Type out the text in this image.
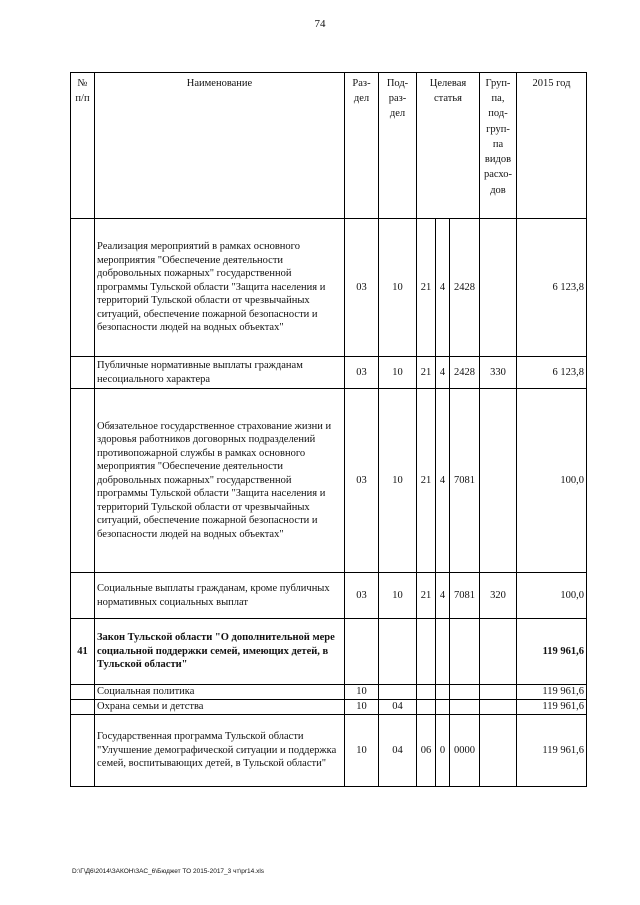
74
№ п/п	Наименование	Раз- дел	Под- раз- дел	Целевая статья			Груп- па, под- груп- па видов расхо- дов	2015 год
	Реализация мероприятий в рамках основного мероприятия "Обеспечение деятельности добровольных пожарных" государственной программы Тульской области "Защита населения и территорий Тульской области от чрезвычайных ситуаций, обеспечение пожарной безопасности и безопасности людей на водных объектах"	03	10	21	4	2428		6 123,8
	Публичные нормативные выплаты гражданам несоциального характера	03	10	21	4	2428	330	6 123,8
	Обязательное государственное страхование жизни и здоровья работников договорных подразделений противопожарной службы в рамках основного мероприятия "Обеспечение деятельности добровольных пожарных" государственной программы Тульской области "Защита населения и территорий Тульской области от чрезвычайных ситуаций, обеспечение пожарной безопасности и безопасности людей на водных объектах"	03	10	21	4	7081		100,0
	Социальные выплаты гражданам, кроме публичных нормативных социальных выплат	03	10	21	4	7081	320	100,0
41	Закон Тульской области "О дополнительной мере социальной поддержки семей, имеющих детей, в Тульской области"							119 961,6
	Социальная политика	10						119 961,6
	Охрана семьи и детства	10	04					119 961,6
	Государственная программа Тульской области "Улучшение демографической ситуации и поддержка семей, воспитывающих детей, в Тульской области"	10	04	06	0	0000		119 961,6
D:\Г\Д6\2014\ЗАКОН\ЗАС_6\Бюджет ТО 2015-2017_3 чт\pr14.xls
